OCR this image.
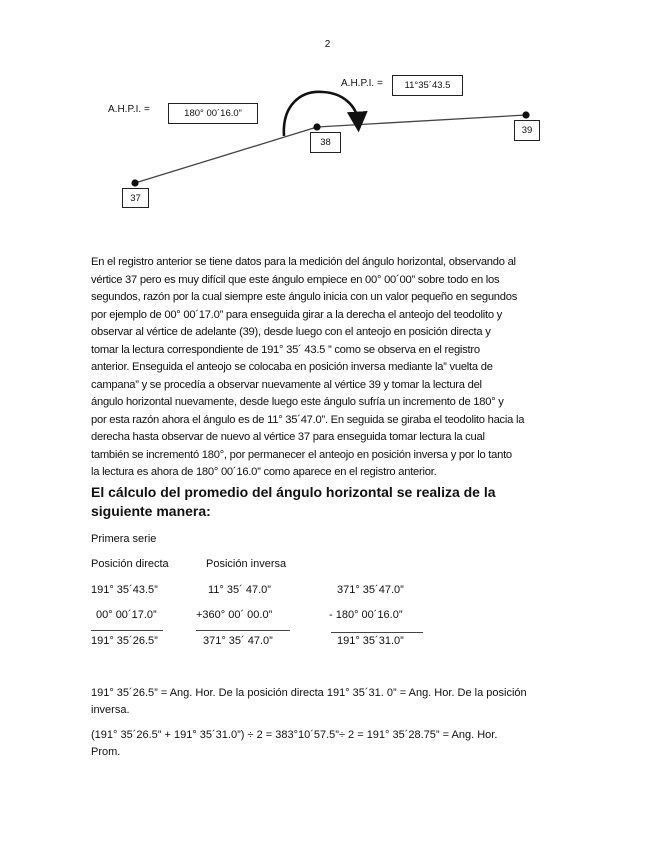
2
A.H.P.I. =	180° 00´16.0”
A.H.P.I. = 11°35´43.5
38
39
37
En el registro anterior se tiene datos para la medición del ángulo horizontal, observando al
vértice 37 pero es muy difícil que este ángulo empiece en 00° 00´00” sobre todo en los
segundos, razón por la cual siempre este ángulo inicia con un valor pequeño en segundos
por ejemplo de 00° 00´17.0” para enseguida girar a la derecha el anteojo del teodolito y
observar al vértice de adelante (39), desde luego con el anteojo en posición directa y
tomar la lectura correspondiente de 191° 35´ 43.5 ” como se observa en el registro
anterior. Enseguida el anteojo se colocaba en posición inversa mediante la” vuelta de
campana” y se procedía a observar nuevamente al vértice 39 y tomar la lectura del
ángulo horizontal nuevamente, desde luego este ángulo sufría un incremento de 180° y
por esta razón ahora el ángulo es de 11° 35´47.0”. En seguida se giraba el teodolito hacia la
derecha hasta observar de nuevo al vértice 37 para enseguida tomar lectura la cual
también se incrementó 180°, por permanecer el anteojo en posición inversa y por lo tanto
la lectura es ahora de 180° 00´16.0” como aparece en el registro anterior.
El cálculo del promedio del ángulo horizontal se realiza de la siguiente manera:
Primera serie
Posición directa	Posición inversa
191° 35´43.5”
00° 00´17.0”
191° 35´26.5”
11° 35´ 47.0”
+360° 00´ 00.0”
371° 35´ 47.0”
371° 35´47.0”
- 180° 00´16.0”
191° 35´31.0”
191° 35´26.5” = Ang. Hor. De la posición directa 191° 35´31. 0” = Ang. Hor. De la posición
inversa.
(191° 35´26.5” + 191° 35´31.0”) ÷ 2 = 383°10´57.5”÷ 2 = 191° 35´28.75” = Ang. Hor.
Prom.
